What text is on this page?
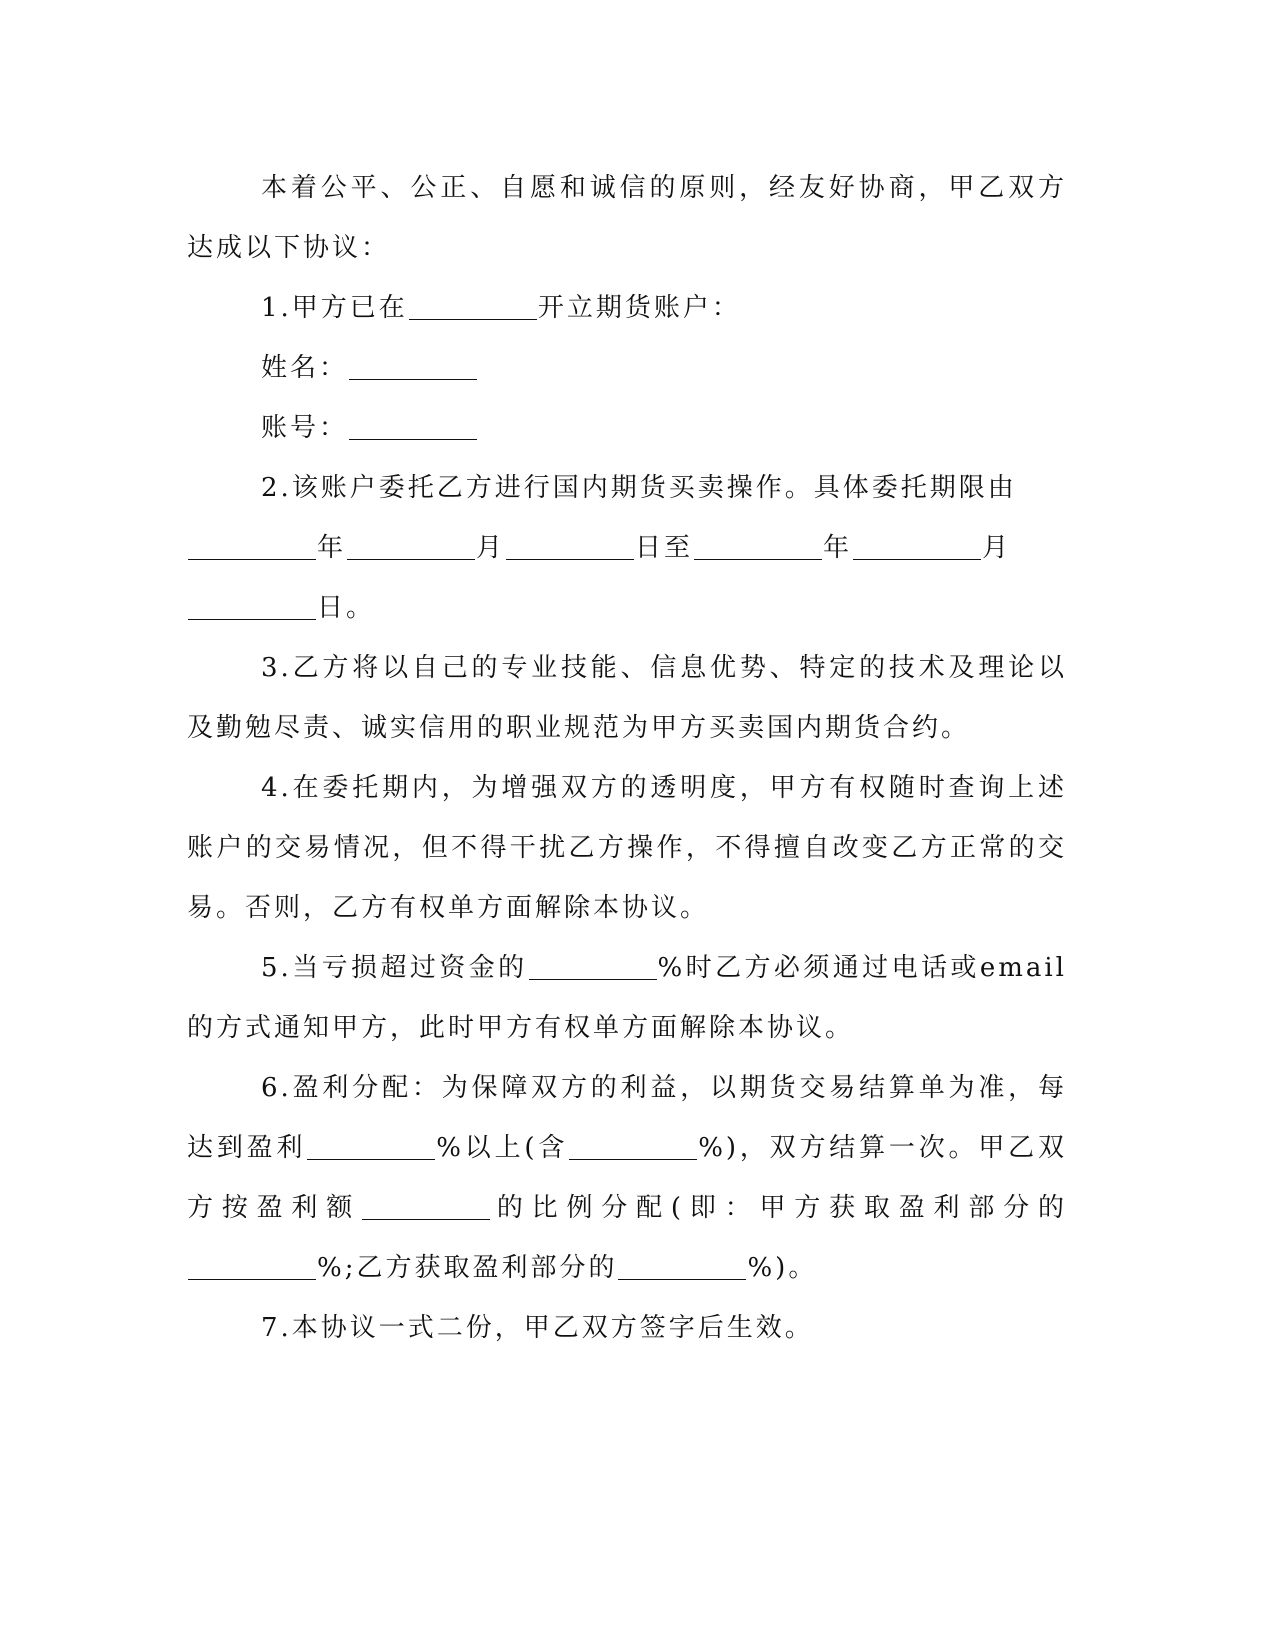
本着公平、公正、自愿和诚信的原则，经友好协商，甲乙双方达成以下协议：

1.甲方已在	开立期货账户：

姓名：

账号：

2.该账户委托乙方进行国内期货买卖操作。具体委托期限由
年	月	日至	年	月
日。

3.乙方将以自己的专业技能、信息优势、特定的技术及理论以及勤勉尽责、诚实信用的职业规范为甲方买卖国内期货合约。

4.在委托期内，为增强双方的透明度，甲方有权随时查询上述账户的交易情况，但不得干扰乙方操作，不得擅自改变乙方正常的交易。否则，乙方有权单方面解除本协议。

5.当亏损超过资金的	%时乙方必须通过电话或email的方式通知甲方，此时甲方有权单方面解除本协议。

6.盈利分配：为保障双方的利益，以期货交易结算单为准，每达到盈利	%以上(含	%)，双方结算一次。甲乙双方按盈利额	的比例分配(即：甲方获取盈利部分的%;乙方获取盈利部分的	%)。

7.本协议一式二份，甲乙双方签字后生效。
